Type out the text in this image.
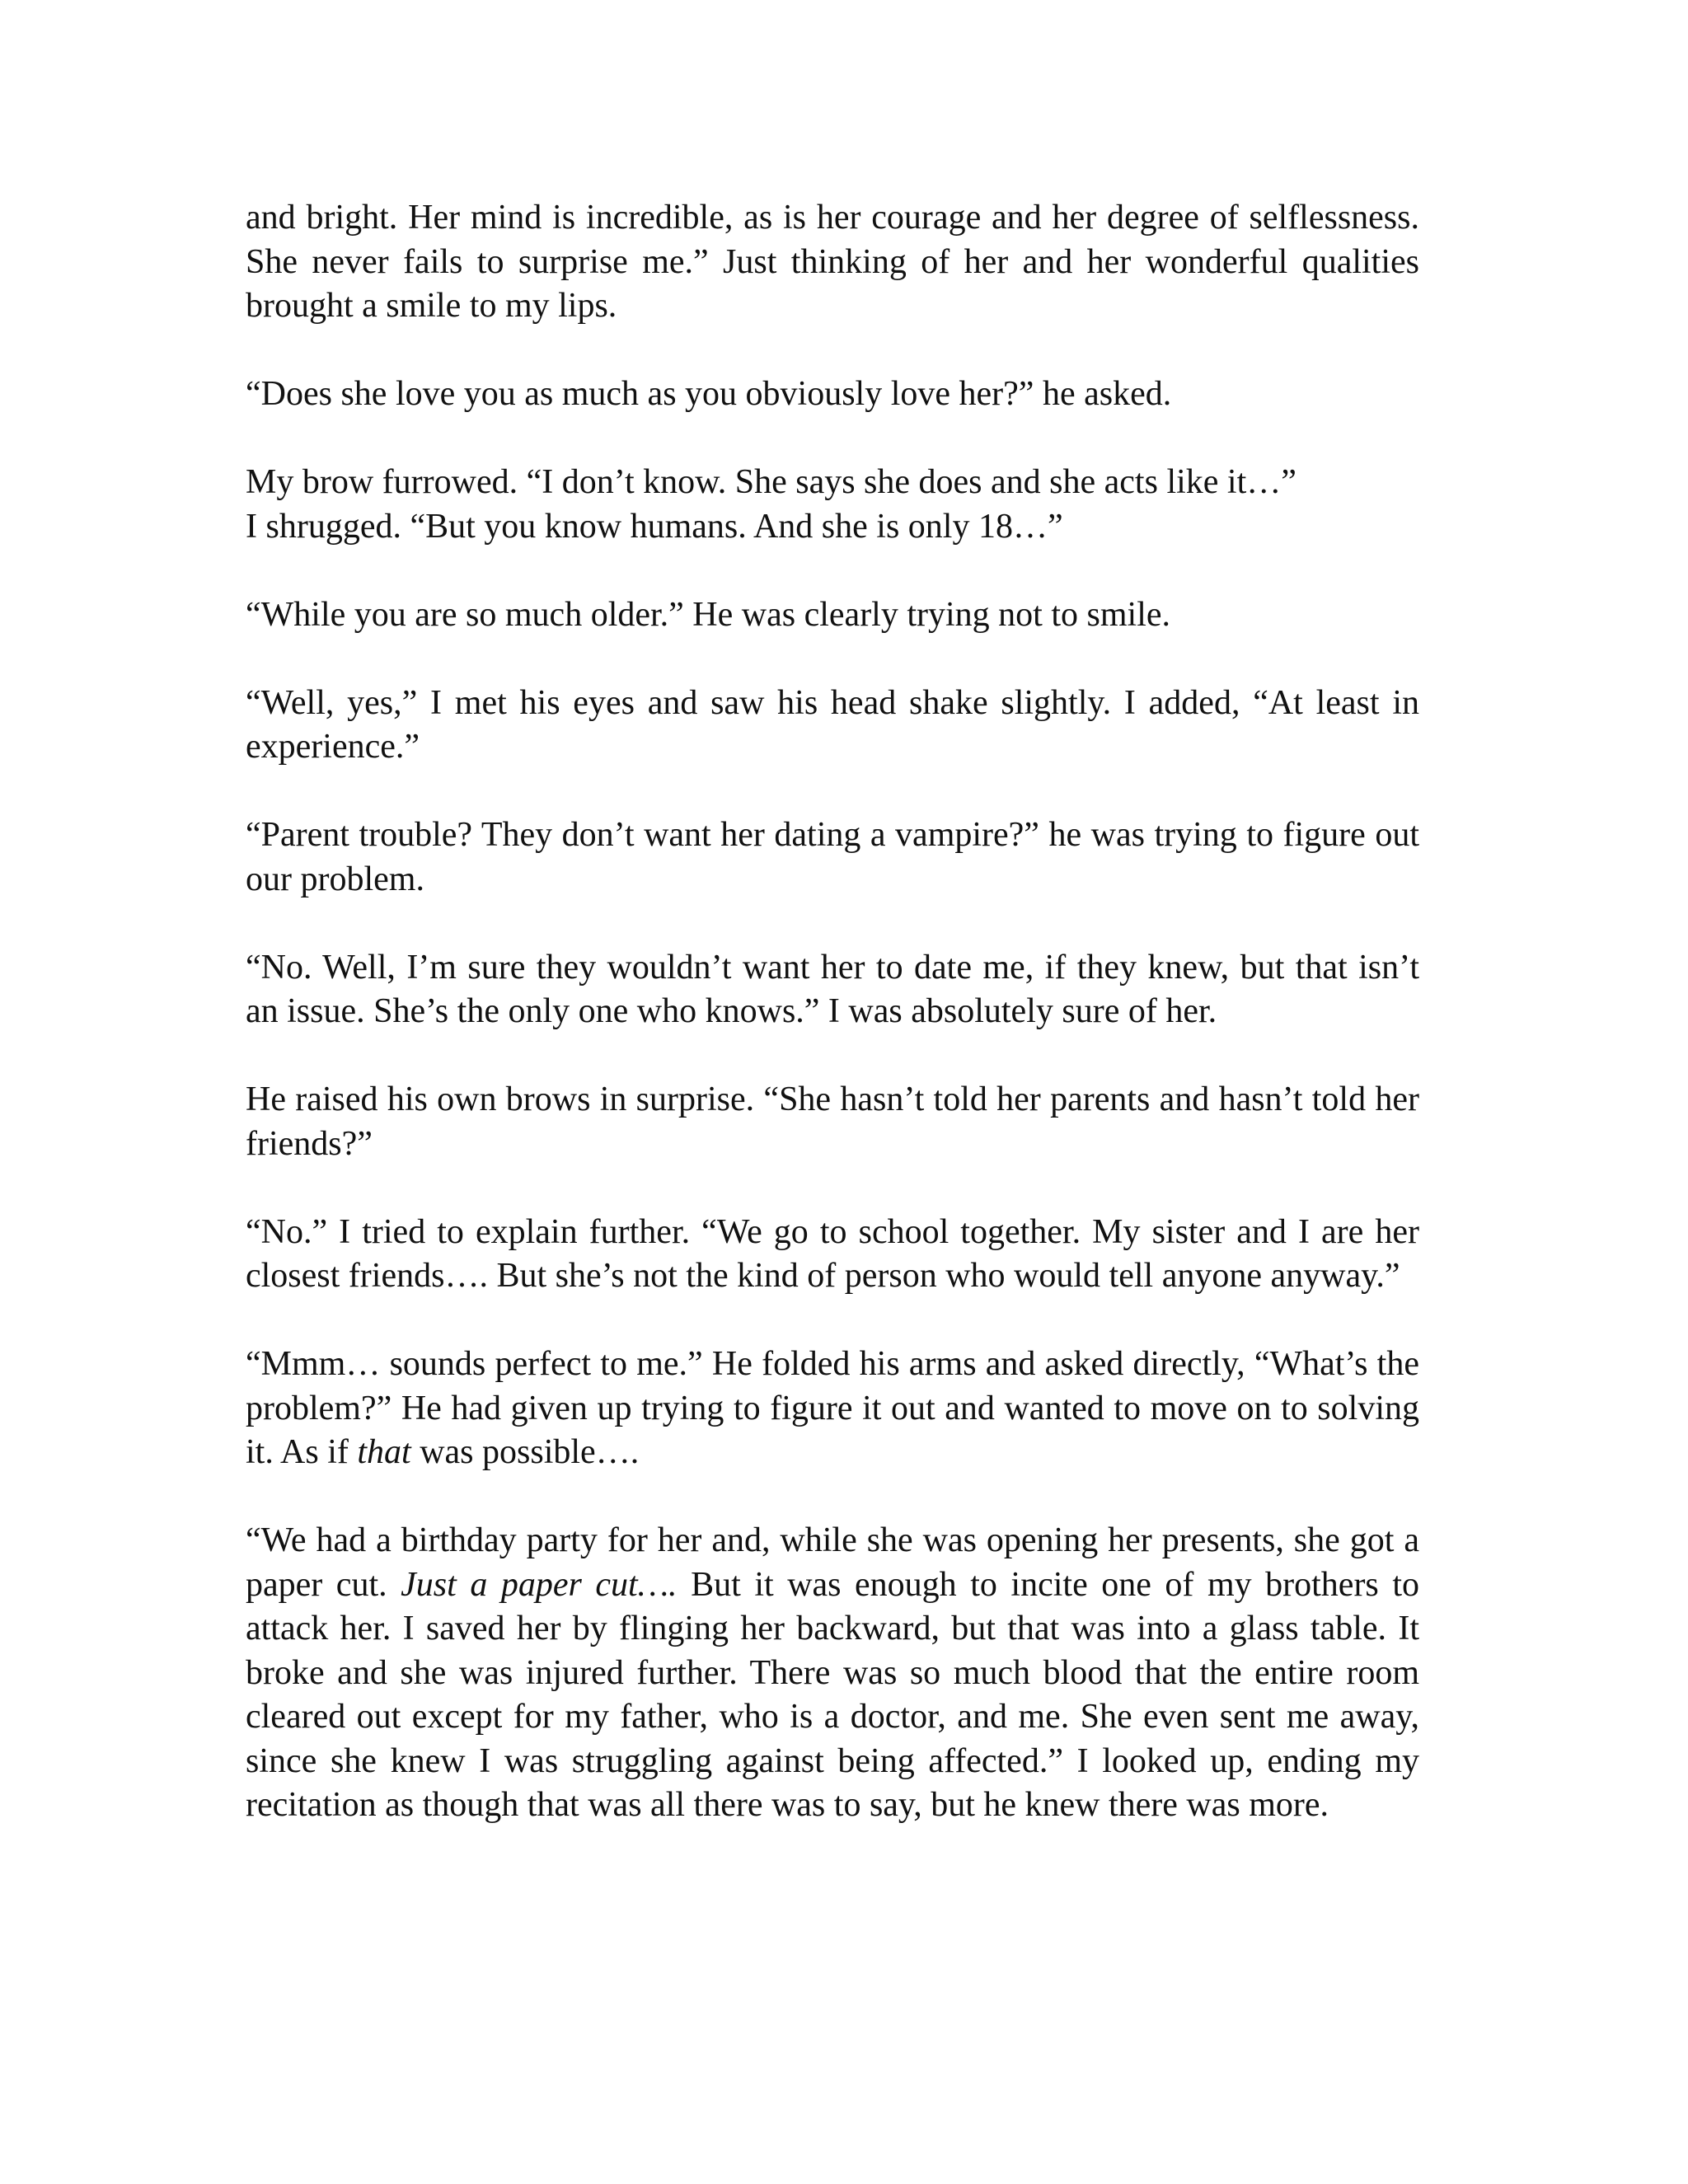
and bright. Her mind is incredible, as is her courage and her degree of selflessness. She never fails to surprise me.” Just thinking of her and her wonderful qualities brought a smile to my lips.

“Does she love you as much as you obviously love her?” he asked.

My brow furrowed. “I don’t know. She says she does and she acts like it…”
I shrugged. “But you know humans. And she is only 18…”

“While you are so much older.” He was clearly trying not to smile.

“Well, yes,” I met his eyes and saw his head shake slightly. I added, “At least in experience.”

“Parent trouble? They don’t want her dating a vampire?” he was trying to figure out our problem.

“No. Well, I’m sure they wouldn’t want her to date me, if they knew, but that isn’t an issue. She’s the only one who knows.” I was absolutely sure of her.

He raised his own brows in surprise. “She hasn’t told her parents and hasn’t told her friends?”

“No.” I tried to explain further. “We go to school together. My sister and I are her closest friends…. But she’s not the kind of person who would tell anyone anyway.”

“Mmm… sounds perfect to me.” He folded his arms and asked directly, “What’s the problem?” He had given up trying to figure it out and wanted to move on to solving it. As if that was possible….

“We had a birthday party for her and, while she was opening her presents, she got a paper cut. Just a paper cut…. But it was enough to incite one of my brothers to attack her. I saved her by flinging her backward, but that was into a glass table. It broke and she was injured further. There was so much blood that the entire room cleared out except for my father, who is a doctor, and me. She even sent me away, since she knew I was struggling against being affected.” I looked up, ending my recitation as though that was all there was to say, but he knew there was more.
